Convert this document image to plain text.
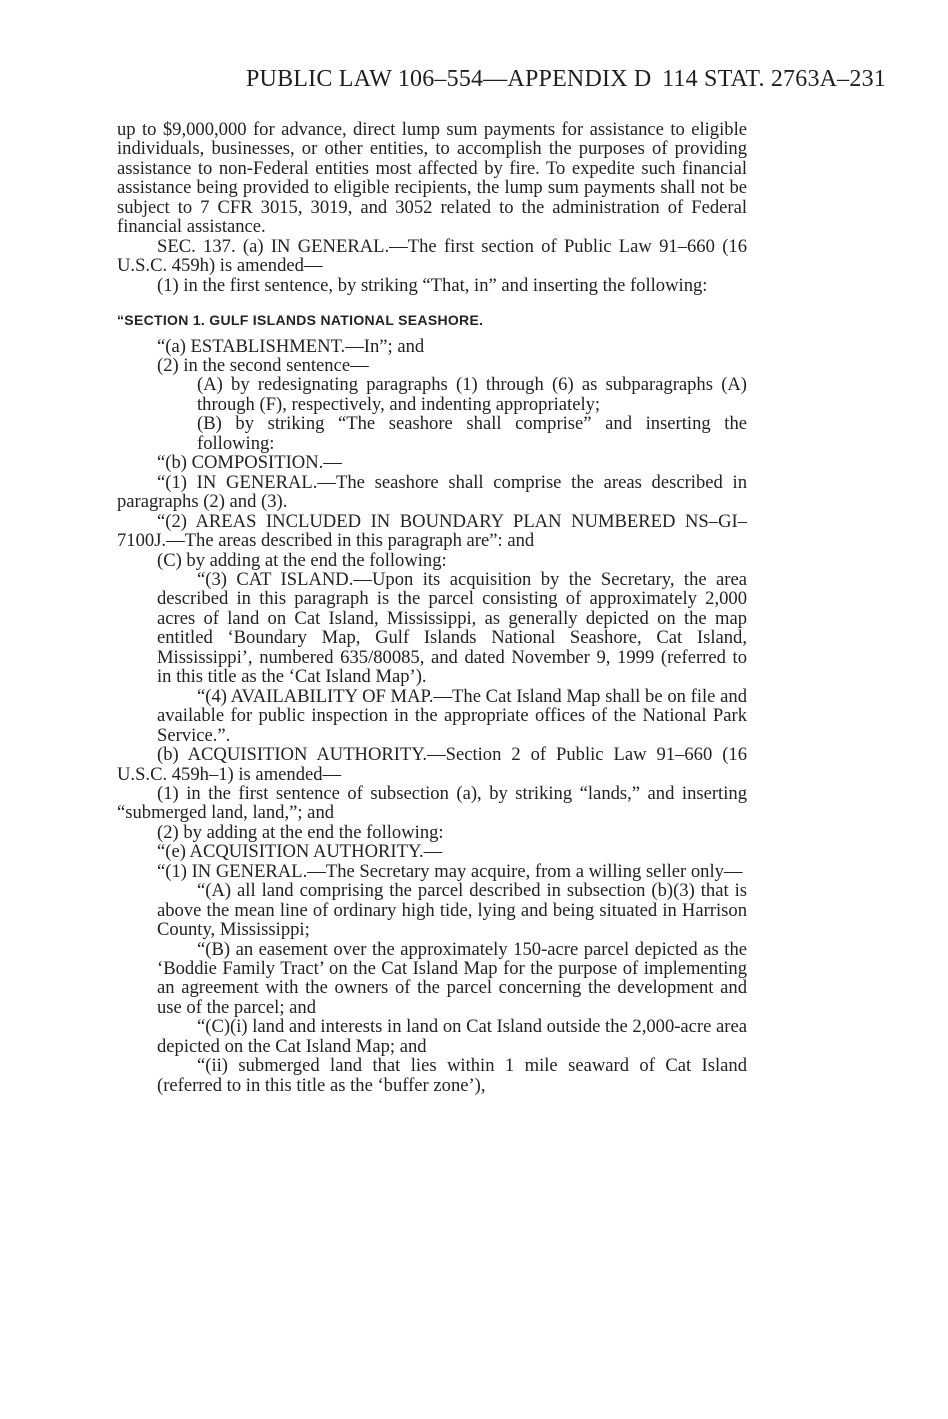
PUBLIC LAW 106–554—APPENDIX D 114 STAT. 2763A–231

up to $9,000,000 for advance, direct lump sum payments for assistance to eligible individuals, businesses, or other entities, to accomplish the purposes of providing assistance to non-Federal entities most affected by fire. To expedite such financial assistance being provided to eligible recipients, the lump sum payments shall not be subject to 7 CFR 3015, 3019, and 3052 related to the administration of Federal financial assistance.

SEC. 137. (a) IN GENERAL.—The first section of Public Law 91–660 (16 U.S.C. 459h) is amended—

(1) in the first sentence, by striking “That, in” and inserting the following:

“SECTION 1. GULF ISLANDS NATIONAL SEASHORE.

“(a) ESTABLISHMENT.—In”; and

(2) in the second sentence—

(A) by redesignating paragraphs (1) through (6) as subparagraphs (A) through (F), respectively, and indenting appropriately;

(B) by striking “The seashore shall comprise” and inserting the following:

“(b) COMPOSITION.—

“(1) IN GENERAL.—The seashore shall comprise the areas described in paragraphs (2) and (3).

“(2) AREAS INCLUDED IN BOUNDARY PLAN NUMBERED NS–GI–7100J.—The areas described in this paragraph are”: and

(C) by adding at the end the following:

“(3) CAT ISLAND.—Upon its acquisition by the Secretary, the area described in this paragraph is the parcel consisting of approximately 2,000 acres of land on Cat Island, Mississippi, as generally depicted on the map entitled ‘Boundary Map, Gulf Islands National Seashore, Cat Island, Mississippi’, numbered 635/80085, and dated November 9, 1999 (referred to in this title as the ‘Cat Island Map’).

“(4) AVAILABILITY OF MAP.—The Cat Island Map shall be on file and available for public inspection in the appropriate offices of the National Park Service.”.

(b) ACQUISITION AUTHORITY.—Section 2 of Public Law 91–660 (16 U.S.C. 459h–1) is amended—

(1) in the first sentence of subsection (a), by striking “lands,” and inserting “submerged land, land,”; and

(2) by adding at the end the following:

“(e) ACQUISITION AUTHORITY.—

“(1) IN GENERAL.—The Secretary may acquire, from a willing seller only—

“(A) all land comprising the parcel described in subsection (b)(3) that is above the mean line of ordinary high tide, lying and being situated in Harrison County, Mississippi;

“(B) an easement over the approximately 150-acre parcel depicted as the ‘Boddie Family Tract’ on the Cat Island Map for the purpose of implementing an agreement with the owners of the parcel concerning the development and use of the parcel; and

“(C)(i) land and interests in land on Cat Island outside the 2,000-acre area depicted on the Cat Island Map; and

“(ii) submerged land that lies within 1 mile seaward of Cat Island (referred to in this title as the ‘buffer zone’),
